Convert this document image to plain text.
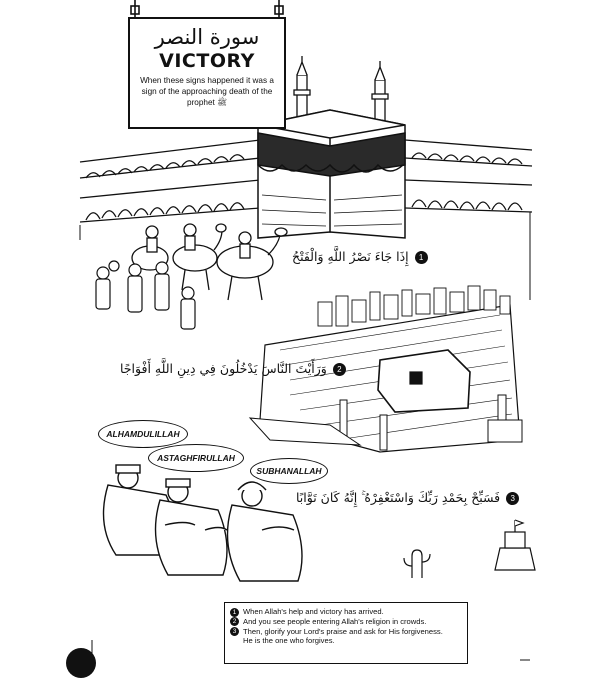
سورة النصر
VICTORY
When these signs happened it was a sign of the approaching death of the prophet ﷺ
1إِذَا جَاءَ نَصْرُ اللَّهِ وَالْفَتْحُ
2وَرَأَيْتَ النَّاسَ يَدْخُلُونَ فِي دِينِ اللَّهِ أَفْوَاجًا
3فَسَبِّحْ بِحَمْدِ رَبِّكَ وَاسْتَغْفِرْهُ ۚ إِنَّهُ كَانَ تَوَّابًا
ALHAMDULILLAH
ASTAGHFIRULLAH
SUBHANALLAH
1 When Allah's help and victory has arrived.
2 And you see people entering Allah's religion in crowds.
3 Then, glorify your Lord's praise and ask for His forgiveness.
He is the one who forgives.
